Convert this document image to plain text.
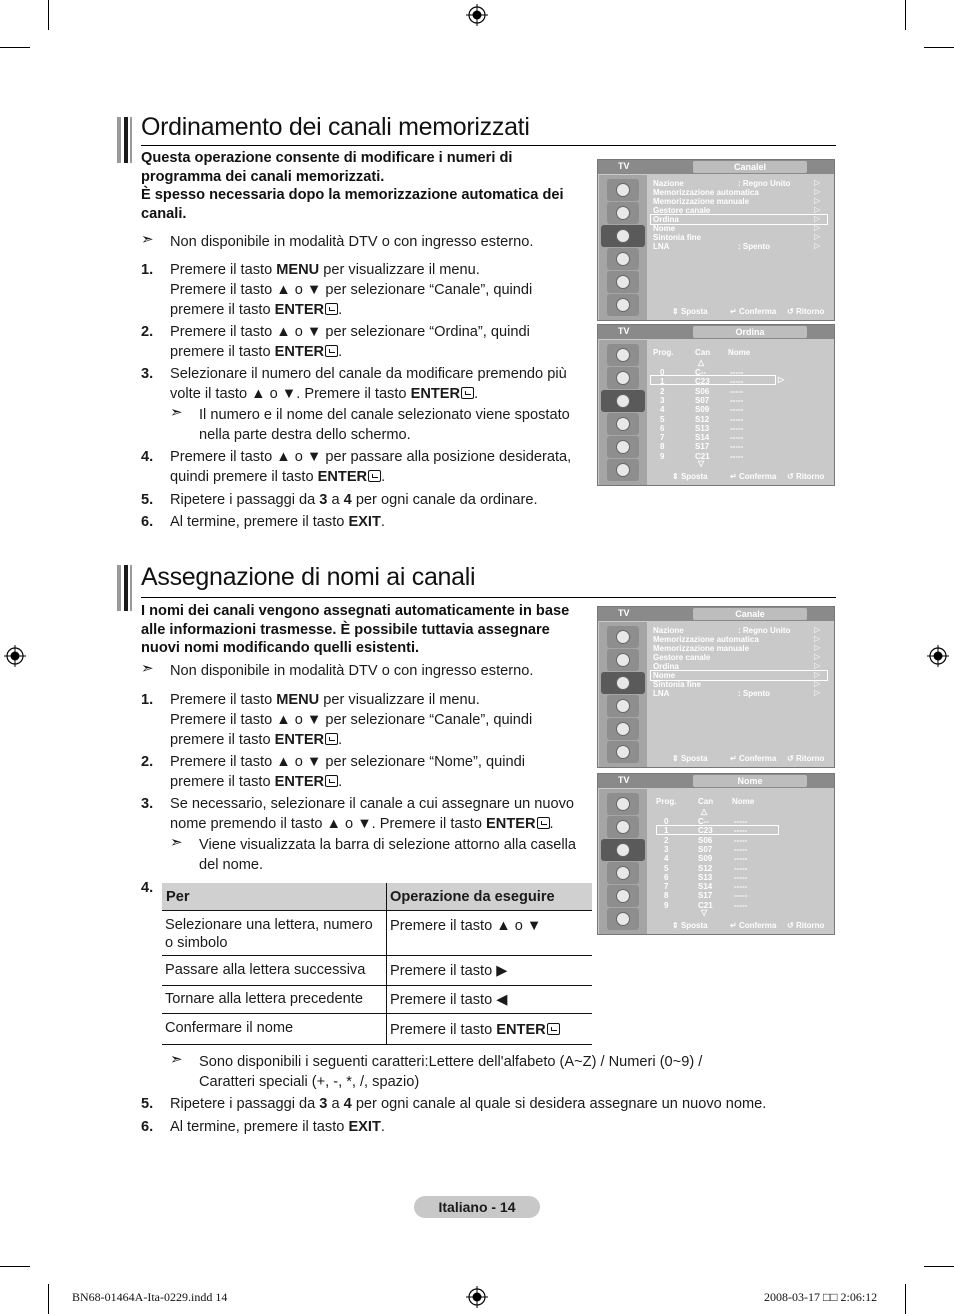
Ordinamento dei canali memorizzati
Questa operazione consente di modificare i numeri di
programma dei canali memorizzati.
È spesso necessaria dopo la memorizzazione automatica dei
canali.
➣ Non disponibile in modalità DTV o con ingresso esterno.
1. Premere il tasto MENU per visualizzare il menu.
Premere il tasto ▲ o ▼ per selezionare “Canale”, quindi
premere il tasto ENTER .
2. Premere il tasto ▲ o ▼ per selezionare “Ordina”, quindi
premere il tasto ENTER .
3. Selezionare il numero del canale da modificare premendo più
volte il tasto ▲ o ▼. Premere il tasto ENTER .
➣ Il numero e il nome del canale selezionato viene spostato
nella parte destra dello schermo.
4. Premere il tasto ▲ o ▼ per passare alla posizione desiderata,
quindi premere il tasto ENTER .
5. Ripetere i passaggi da 3 a 4 per ogni canale da ordinare.
6. Al termine, premere il tasto EXIT.
TV	Canalel
Nazione	: Regno Unito
Memorizzazione automatica
Memorizzazione manuale
Gestore canale
Ordina
Nome
Sintonia fine
LNA	: Spento
▷
▷
▷
▷
▷
▷
▷
▷
⇕ Sposta	↵ Conferma ↺ Ritorno
TV	Ordina
Prog.	Can Nome
△
▷
▽
0	C--	-----
1	C23	-----
2	S06	-----
3	S07	-----
4	S09	-----
5	S12	-----
6	S13	-----
7	S14	-----
8	S17	-----
9	C21	-----
⇕ Sposta	↵ Conferma ↺ Ritorno
Assegnazione di nomi ai canali
I nomi dei canali vengono assegnati automaticamente in base
alle informazioni trasmesse. È possibile tuttavia assegnare
nuovi nomi modificando quelli esistenti.
➣ Non disponibile in modalità DTV o con ingresso esterno.
1. Premere il tasto MENU per visualizzare il menu.
Premere il tasto ▲ o ▼ per selezionare “Canale”, quindi
premere il tasto ENTER .
2. Premere il tasto ▲ o ▼ per selezionare “Nome”, quindi
premere il tasto ENTER .
3. Se necessario, selezionare il canale a cui assegnare un nuovo
nome premendo il tasto ▲ o ▼. Premere il tasto ENTER .
➣ Viene visualizzata la barra di selezione attorno alla casella
del nome.
4.
Per	Operazione da eseguire
Selezionare una lettera, numero
o simbolo
Premere il tasto ▲ o ▼
Passare alla lettera successiva Premere il tasto ▶
Tornare alla lettera precedente Premere il tasto ◀
Confermare il nome	Premere il tasto ENTER
➣ Sono disponibili i seguenti caratteri:Lettere dell'alfabeto (A~Z) / Numeri (0~9) /
Caratteri speciali (+, -, *, /, spazio)
5. Ripetere i passaggi da 3 a 4 per ogni canale al quale si desidera assegnare un nuovo nome.
6. Al termine, premere il tasto EXIT.
TV	Canale
Nazione	: Regno Unito
Memorizzazione automatica
Memorizzazione manuale
Gestore canale
Ordina
Nome
Sintonia fine
LNA	: Spento
▷
▷
▷
▷
▷
▷
▷
▷
⇕ Sposta	↵ Conferma ↺ Ritorno
TV	Nome
Prog.	Can Nome
△
▽
0	C--	-----
1	C23	-----
2	S06	-----
3	S07	-----
4	S09	-----
5	S12	-----
6	S13	-----
7	S14	-----
8	S17	-----
9	C21	-----
⇕ Sposta	↵ Conferma ↺ Ritorno
Italiano - 14
BN68-01464A-Ita-0229.indd 14	2008-03-17 □□ 2:06:12
